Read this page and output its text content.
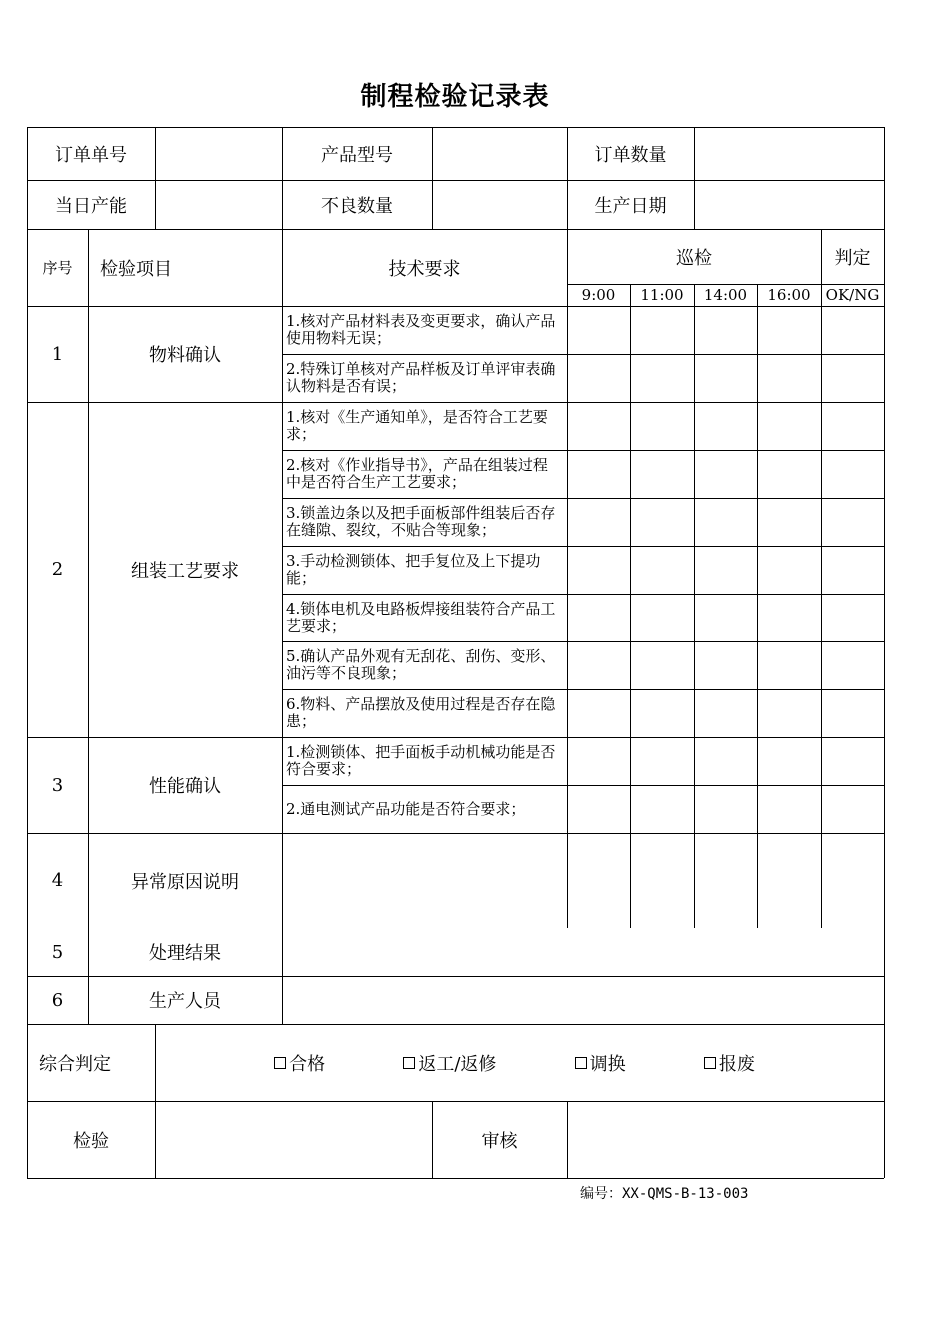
制程检验记录表
订单单号	产品型号	订单数量
当日产能	不良数量	生产日期
序号	检验项目	技术要求
巡检	判定
9:00	11:00	14:00	16:00	OK/NG
1	物料确认
1.核对产品材料表及变更要求，确认产品使用物料无误；
2.特殊订单核对产品样板及订单评审表确认物料是否有误；
2	组装工艺要求
1.核对《生产通知单》，是否符合工艺要求；
2.核对《作业指导书》，产品在组装过程中是否符合生产工艺要求；
3.锁盖边条以及把手面板部件组装后否存在缝隙、裂纹，不贴合等现象；
3.手动检测锁体、把手复位及上下提功能；
4.锁体电机及电路板焊接组装符合产品工艺要求；
5.确认产品外观有无刮花、刮伤、变形、油污等不良现象；
6.物料、产品摆放及使用过程是否存在隐患；
3	性能确认
1.检测锁体、把手面板手动机械功能是否符合要求；
2.通电测试产品功能是否符合要求；
4	异常原因说明
5	处理结果
6	生产人员
综合判定	合格	返工/返修	调换	报废
检验	审核
编号：XX-QMS-B-13-003
